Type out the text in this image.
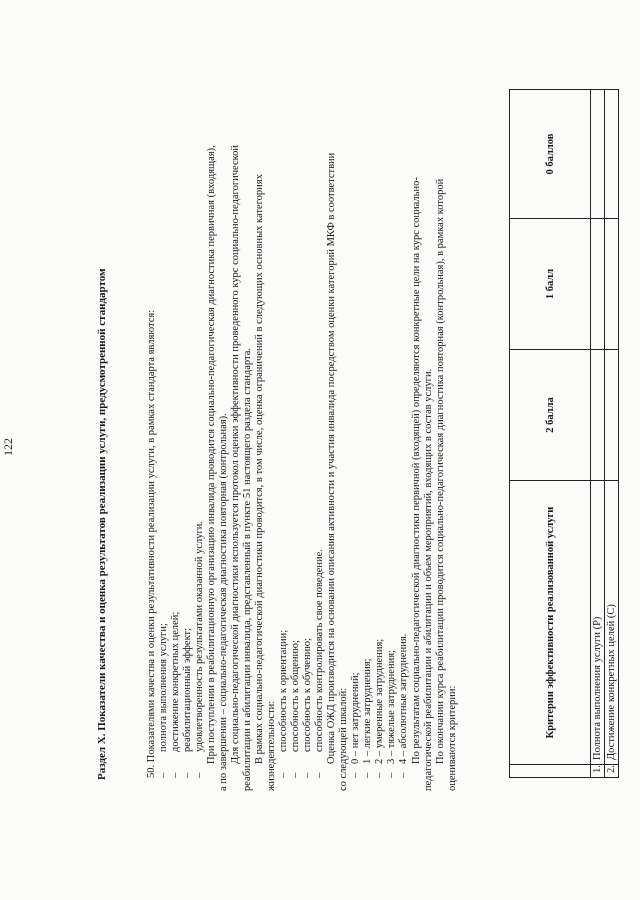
122	Раздел X. Показатели качества и оценка результатов реализации услуги, предусмотренной стандартом	50. Показателями качества и оценки результативности реализации услуги, в рамках стандарта являются: –
полнота выполнения услуги;
–
достижение конкретных целей;
–
реабилитационный эффект;
–
удовлетворенность результатами оказанной услуги. При поступлении в реабилитационную организацию инвалида проводится социально-педагогическая диагностика первичная (входящая), а по завершении – социально-педагогическая диагностика повторная (контрольная). Для социально-педагогической диагностики используется протокол оценки эффективности проведенного курс социально-педагогической реабилитации и абилитации инвалида, представленный в пункте 51 настоящего раздела стандарта. В рамках социально-педагогической диагностики проводится, в том числе, оценка ограничений в следующих основных категориях жизнедеятельности: –
способность к ориентации;
–
способность к общению;
–
способность к обучению;
–
способность контролировать свое поведение. Оценка ОЖД производится на основании описания активности и участия инвалида посредством оценки категорий МКФ в соответствии со следующей шкалой: –
0 – нет затруднений;
–
1 – легкие затруднения;
–
2 – умеренные затруднения;
–
3 – тяжелые затруднения;
–
4 – абсолютные затруднения. По результатам социально-педагогической диагностики первичной (входящей) определяются конкретные цели на курс социально- педагогической реабилитации и абилитации и объем мероприятий, входящих в состав услуги. По окончании курса реабилитации проводится социально-педагогическая диагностика повторная (контрольная), в рамках которой оцениваются критерии:
		Критерии эффективности реализованной услуги	2 балла	1 балл	0 баллов
1.	Полнота выполнения услуги (P)			
2.	Достижение конкретных целей (C)			
